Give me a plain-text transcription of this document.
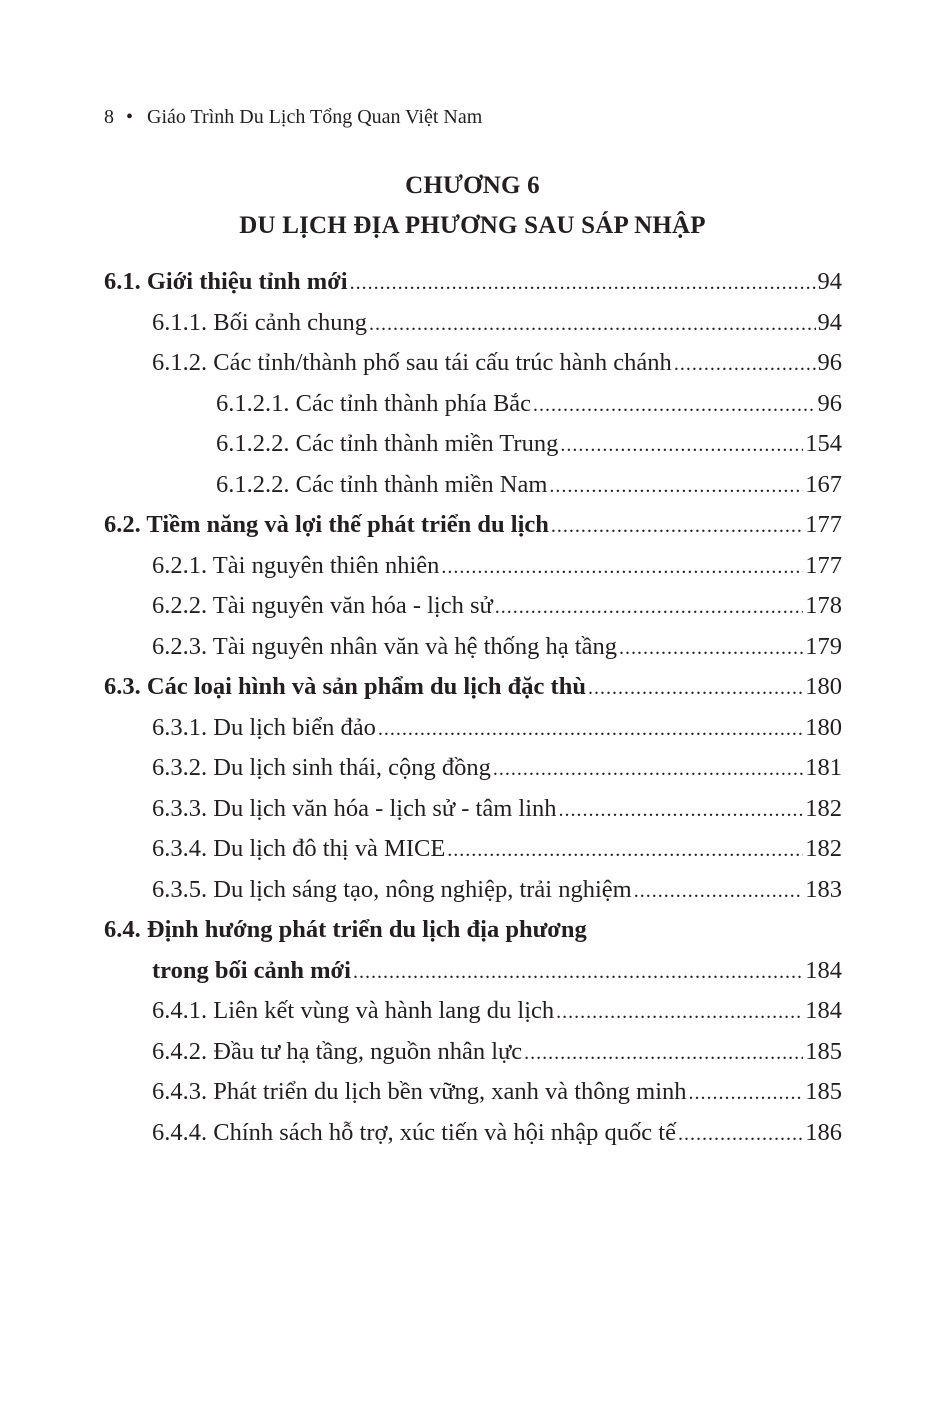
8 • Giáo Trình Du Lịch Tổng Quan Việt Nam
CHƯƠNG 6
DU LỊCH ĐỊA PHƯƠNG SAU SÁP NHẬP
6.1. Giới thiệu tỉnh mới .....	94
6.1.1. Bối cảnh chung .....	94
6.1.2. Các tỉnh/thành phố sau tái cấu trúc hành chánh .....	96
6.1.2.1. Các tỉnh thành phía Bắc .....	96
6.1.2.2. Các tỉnh thành miền Trung .....	154
6.1.2.2. Các tỉnh thành miền Nam .....	167
6.2. Tiềm năng và lợi thế phát triển du lịch .....	177
6.2.1. Tài nguyên thiên nhiên .....	177
6.2.2. Tài nguyên văn hóa - lịch sử .....	178
6.2.3. Tài nguyên nhân văn và hệ thống hạ tầng .....	179
6.3. Các loại hình và sản phẩm du lịch đặc thù .....	180
6.3.1. Du lịch biển đảo .....	180
6.3.2. Du lịch sinh thái, cộng đồng .....	181
6.3.3. Du lịch văn hóa - lịch sử - tâm linh .....	182
6.3.4. Du lịch đô thị và MICE .....	182
6.3.5. Du lịch sáng tạo, nông nghiệp, trải nghiệm .....	183
6.4. Định hướng phát triển du lịch địa phương
trong bối cảnh mới .....	184
6.4.1. Liên kết vùng và hành lang du lịch .....	184
6.4.2. Đầu tư hạ tầng, nguồn nhân lực .....	185
6.4.3. Phát triển du lịch bền vững, xanh và thông minh .....	185
6.4.4. Chính sách hỗ trợ, xúc tiến và hội nhập quốc tế .....	186
